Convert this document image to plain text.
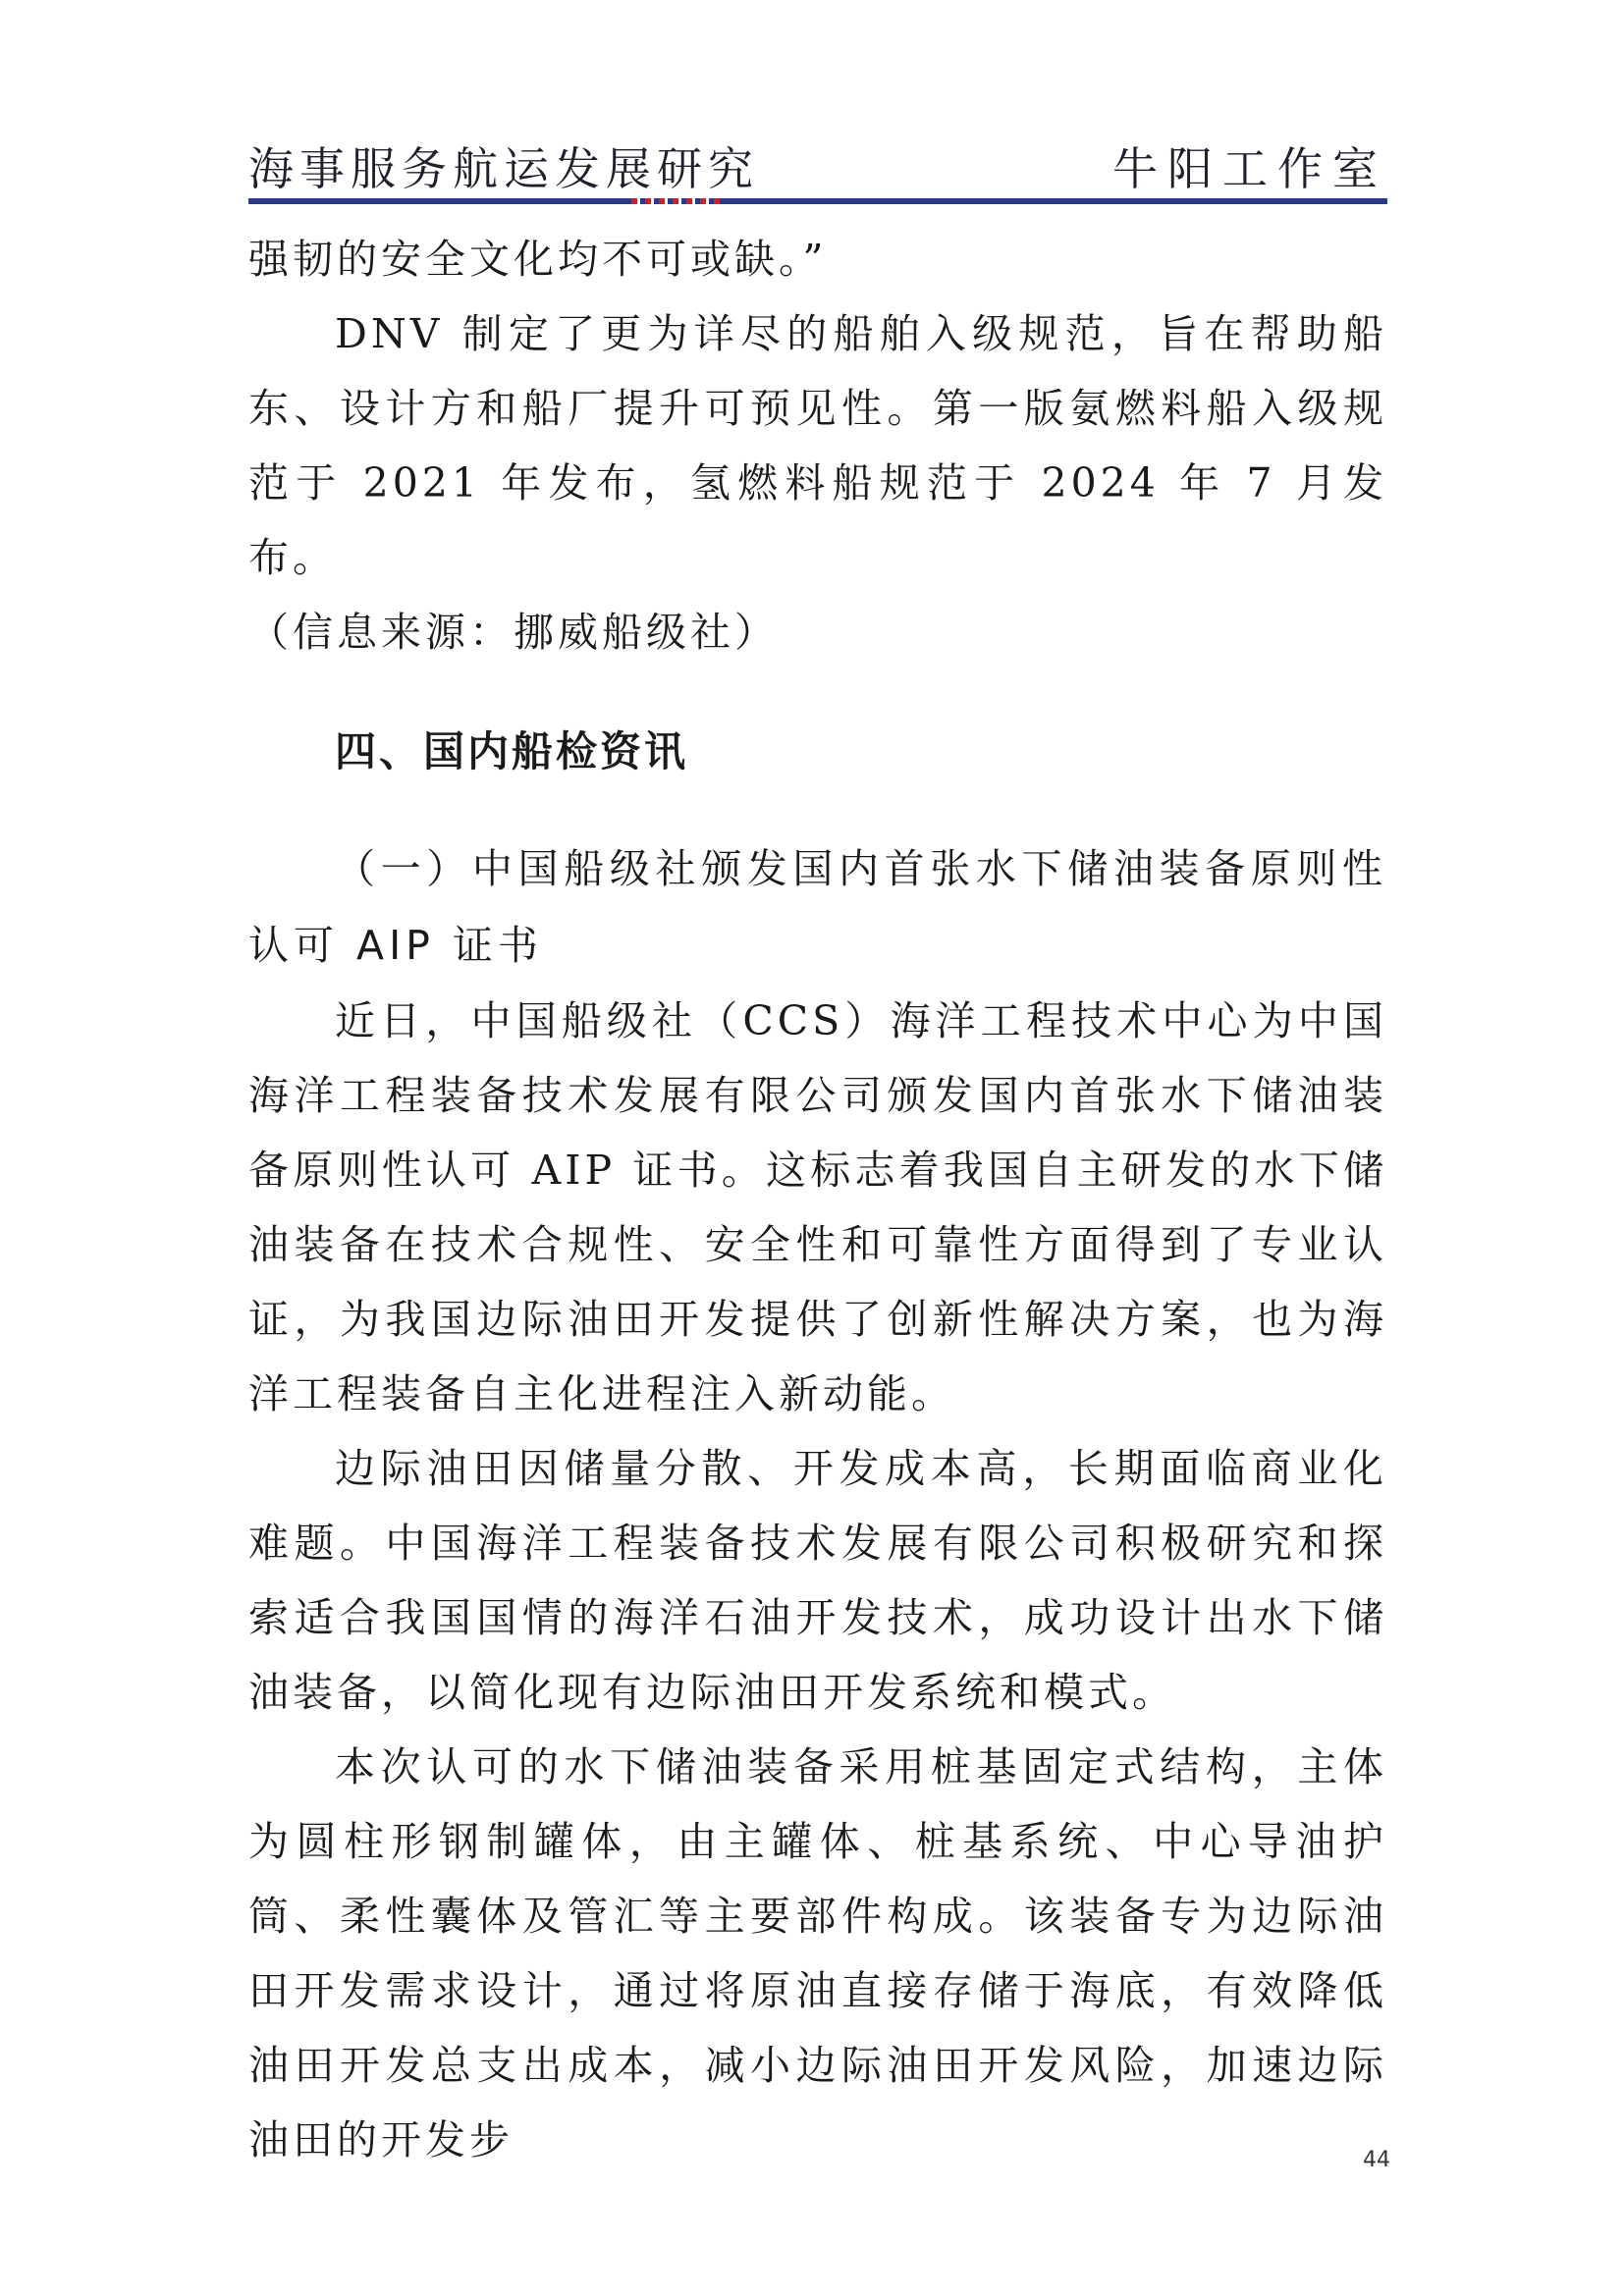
海事服务航运发展研究	牛阳工作室

强韧的安全文化均不可或缺。”

DNV 制定了更为详尽的船舶入级规范，旨在帮助船东、设计方和船厂提升可预见性。第一版氨燃料船入级规范于 2021 年发布，氢燃料船规范于 2024 年 7 月发布。

（信息来源：挪威船级社）

四、国内船检资讯
（一）中国船级社颁发国内首张水下储油装备原则性认可 AIP 证书

近日，中国船级社（CCS）海洋工程技术中心为中国海洋工程装备技术发展有限公司颁发国内首张水下储油装备原则性认可 AIP 证书。这标志着我国自主研发的水下储油装备在技术合规性、安全性和可靠性方面得到了专业认证，为我国边际油田开发提供了创新性解决方案，也为海洋工程装备自主化进程注入新动能。

边际油田因储量分散、开发成本高，长期面临商业化难题。中国海洋工程装备技术发展有限公司积极研究和探索适合我国国情的海洋石油开发技术，成功设计出水下储油装备，以简化现有边际油田开发系统和模式。

本次认可的水下储油装备采用桩基固定式结构，主体为圆柱形钢制罐体，由主罐体、桩基系统、中心导油护筒、柔性囊体及管汇等主要部件构成。该装备专为边际油田开发需求设计，通过将原油直接存储于海底，有效降低油田开发总支出成本，减小边际油田开发风险，加速边际油田的开发步	44
